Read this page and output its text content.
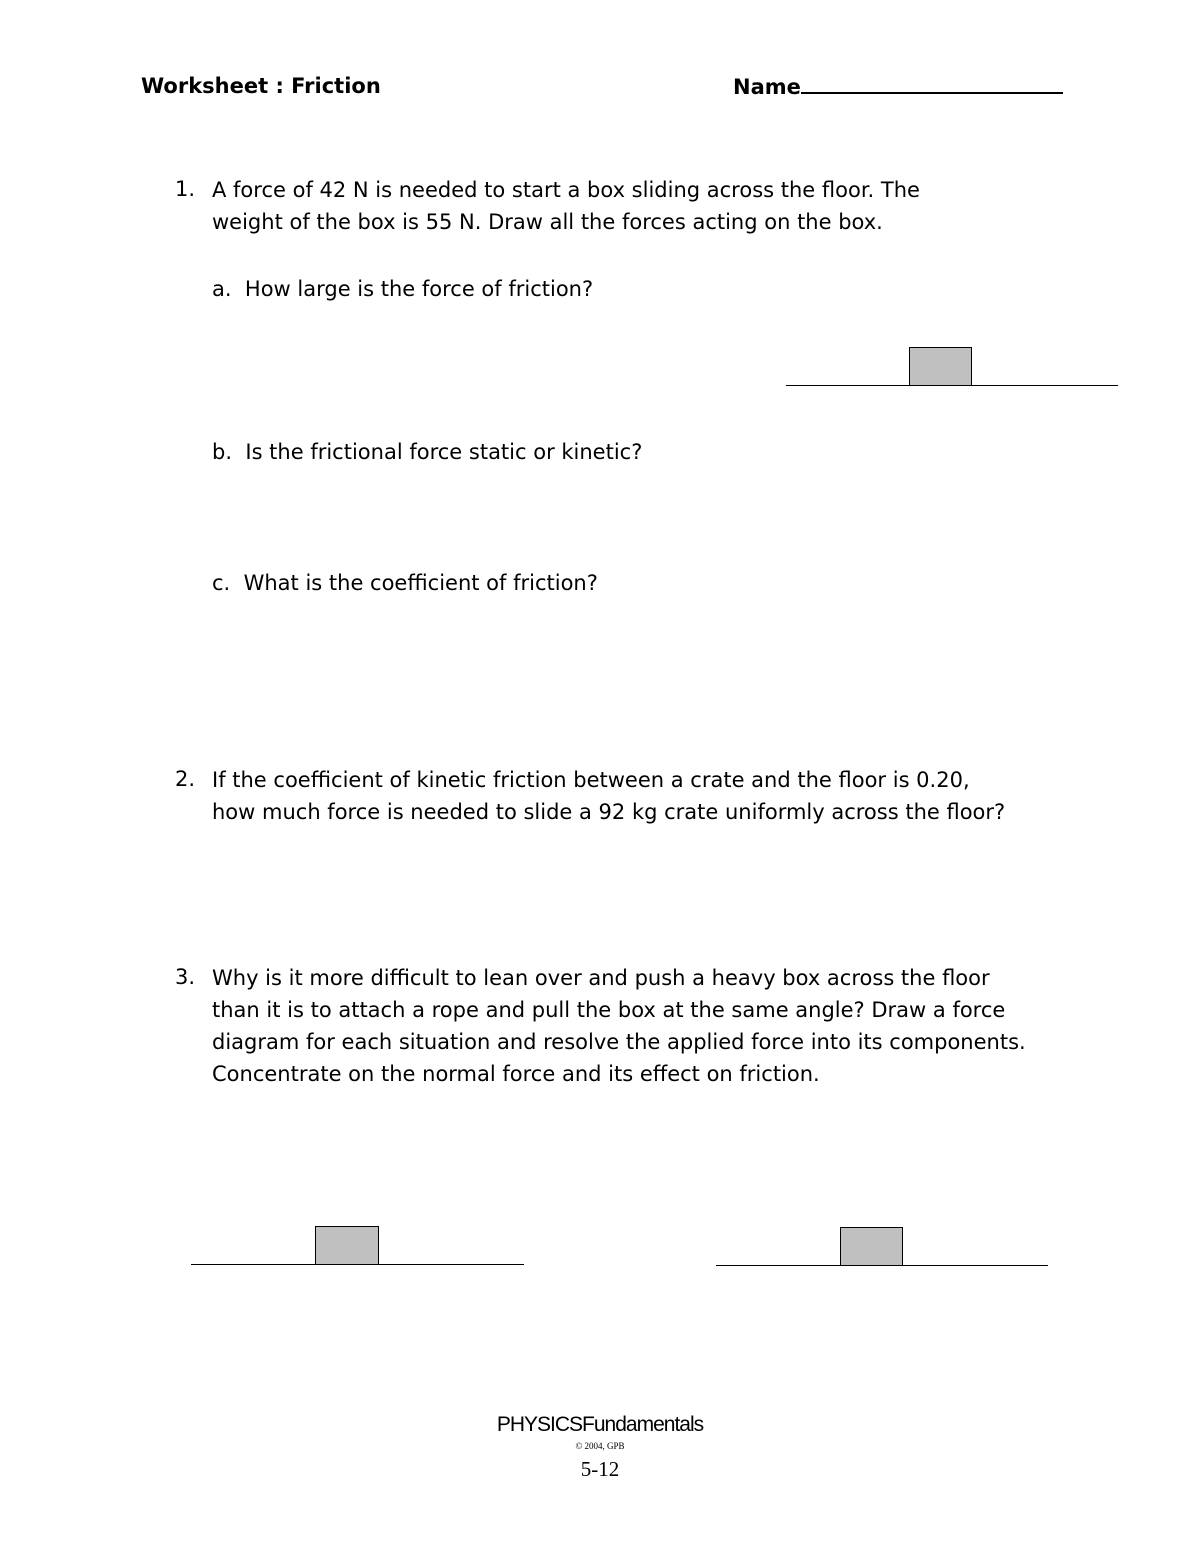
Worksheet : Friction	Name
1. A force of 42 N is needed to start a box sliding across the floor. The
weight of the box is 55 N. Draw all the forces acting on the box.
a. How large is the force of friction?
b. Is the frictional force static or kinetic?
c. What is the coefficient of friction?
2. If the coefficient of kinetic friction between a crate and the floor is 0.20,
how much force is needed to slide a 92 kg crate uniformly across the floor?
3. Why is it more difficult to lean over and push a heavy box across the floor
than it is to attach a rope and pull the box at the same angle? Draw a force
diagram for each situation and resolve the applied force into its components.
Concentrate on the normal force and its effect on friction.
PHYSICSFundamentals
© 2004, GPB
5-12
